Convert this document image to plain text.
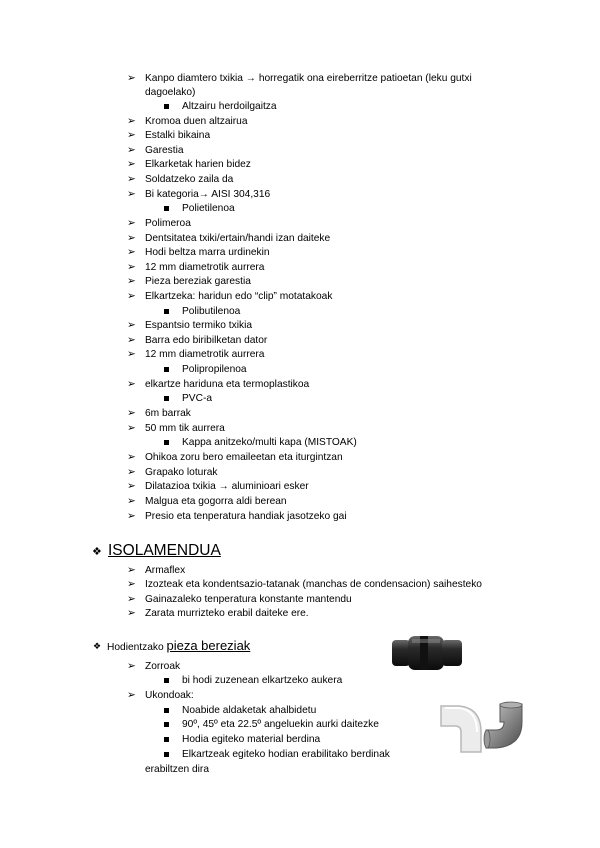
➢ Kanpo diamtero txikia → horregatik ona eireberritze patioetan (leku gutxi
dagoelako)
Altzairu herdoilgaitza
➢ Kromoa duen altzairua
➢ Estalki bikaina
➢ Garestia
➢ Elkarketak harien bidez
➢ Soldatzeko zaila da
➢ Bi kategoria→ AISI 304,316
Polietilenoa
➢ Polimeroa
➢ Dentsitatea txiki/ertain/handi izan daiteke
➢ Hodi beltza marra urdinekin
➢ 12 mm diametrotik aurrera
➢ Pieza bereziak garestia
➢ Elkartzeka: haridun edo “clip” motatakoak
Polibutilenoa
➢ Espantsio termiko txikia
➢ Barra edo biribilketan dator
➢ 12 mm diametrotik aurrera
Polipropilenoa
➢ elkartze hariduna eta termoplastikoa
PVC-a
➢ 6m barrak
➢ 50 mm tik aurrera
Kappa anitzeko/multi kapa (MISTOAK)
➢ Ohikoa zoru bero emaileetan eta iturgintzan
➢ Grapako loturak
➢ Dilatazioa txikia → aluminioari esker
➢ Malgua eta gogorra aldi berean
➢ Presio eta tenperatura handiak jasotzeko gai
❖ ISOLAMENDUA
➢ Armaflex
➢ Izozteak eta kondentsazio-tatanak (manchas de condensacion) saihesteko
➢ Gainazaleko tenperatura konstante mantendu
➢ Zarata murrizteko erabil daiteke ere.
❖ Hodientzako pieza bereziak
➢ Zorroak
bi hodi zuzenean elkartzeko aukera
➢ Ukondoak:
Noabide aldaketak ahalbidetu
90º, 45º eta 22.5º angeluekin aurki daitezke
Hodia egiteko material berdina
Elkartzeak egiteko hodian erabilitako berdinak
erabiltzen dira
